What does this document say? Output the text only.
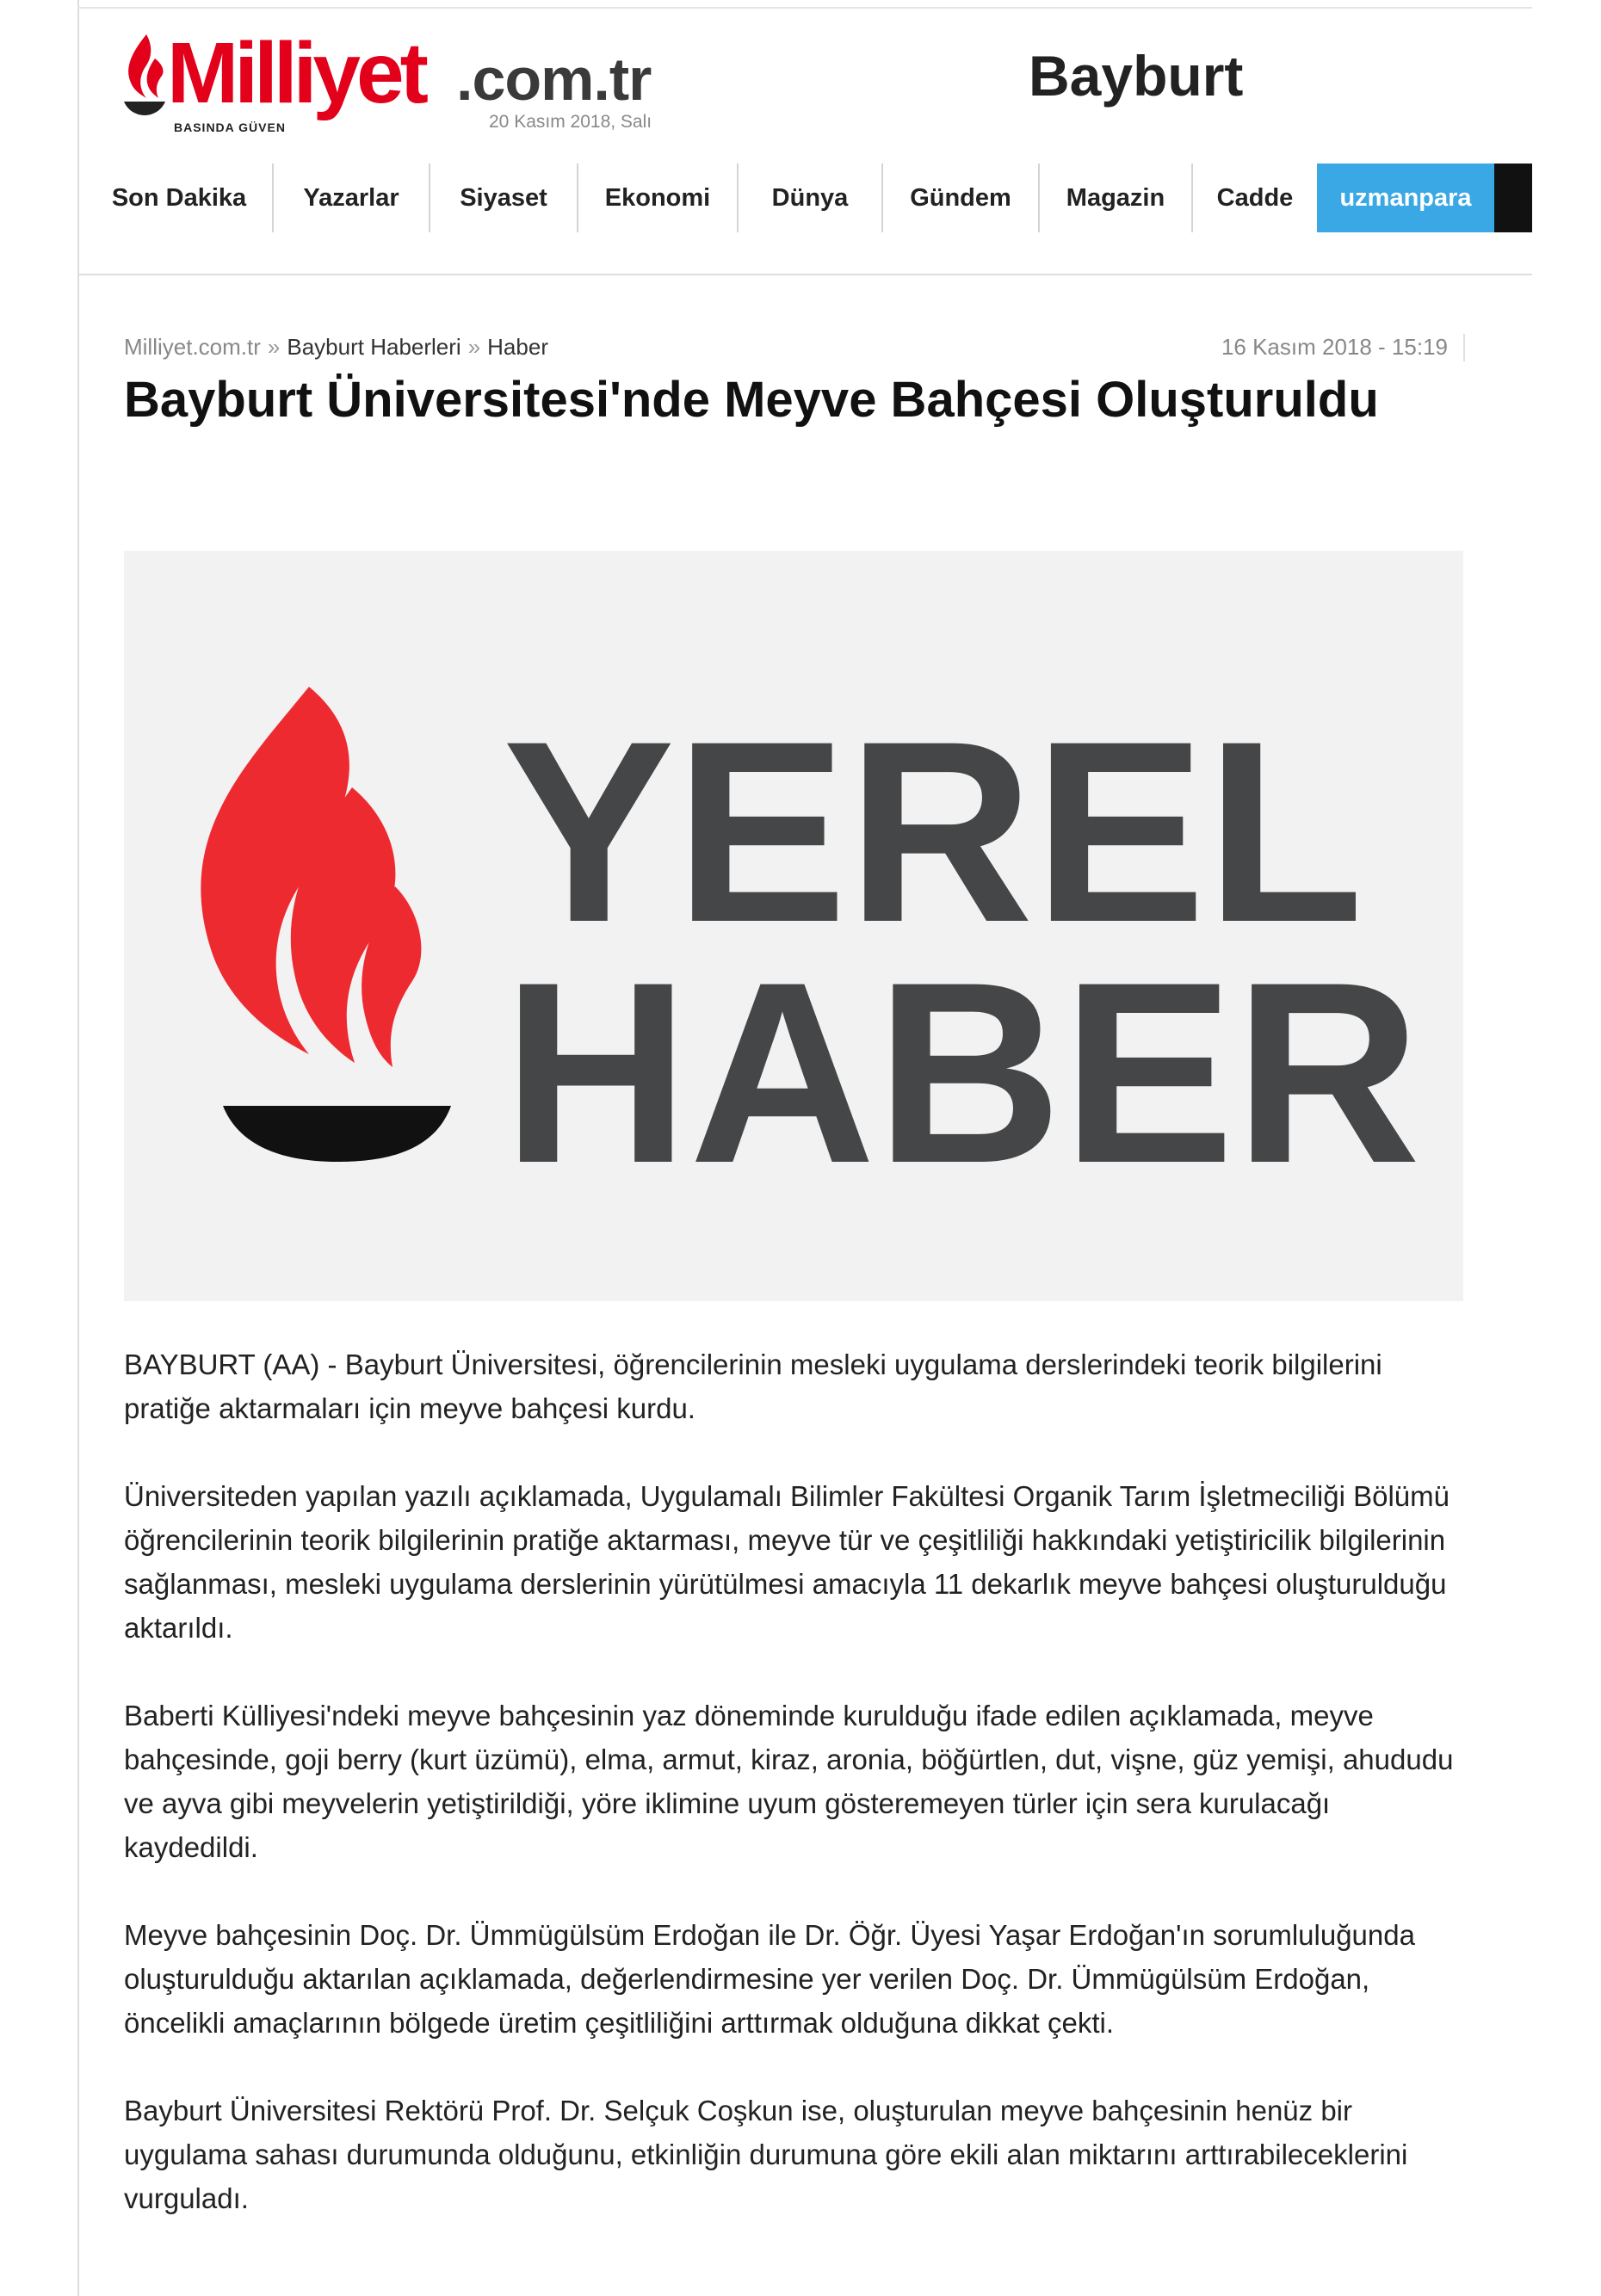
Milliyet .com.tr
BASINDA GÜVEN	20 Kasım 2018, Salı
Bayburt
Son Dakika	Yazarlar	Siyaset	Ekonomi	Dünya	Gündem	Magazin	Cadde	uzmanpara
Milliyet.com.tr » Bayburt Haberleri » Haber	16 Kasım 2018 - 15:19
Bayburt Üniversitesi'nde Meyve Bahçesi Oluşturuldu
YEREL
HABER

BAYBURT (AA) - Bayburt Üniversitesi, öğrencilerinin mesleki uygulama derslerindeki teorik bilgilerini pratiğe aktarmaları için meyve bahçesi kurdu.

Üniversiteden yapılan yazılı açıklamada, Uygulamalı Bilimler Fakültesi Organik Tarım İşletmeciliği Bölümü öğrencilerinin teorik bilgilerinin pratiğe aktarması, meyve tür ve çeşitliliği hakkındaki yetiştiricilik bilgilerinin sağlanması, mesleki uygulama derslerinin yürütülmesi amacıyla 11 dekarlık meyve bahçesi oluşturulduğu aktarıldı.

Baberti Külliyesi'ndeki meyve bahçesinin yaz döneminde kurulduğu ifade edilen açıklamada, meyve bahçesinde, goji berry (kurt üzümü), elma, armut, kiraz, aronia, böğürtlen, dut, vişne, güz yemişi, ahududu ve ayva gibi meyvelerin yetiştirildiği, yöre iklimine uyum gösteremeyen türler için sera kurulacağı kaydedildi.

Meyve bahçesinin Doç. Dr. Ümmügülsüm Erdoğan ile Dr. Öğr. Üyesi Yaşar Erdoğan'ın sorumluluğunda oluşturulduğu aktarılan açıklamada, değerlendirmesine yer verilen Doç. Dr. Ümmügülsüm Erdoğan, öncelikli amaçlarının bölgede üretim çeşitliliğini arttırmak olduğuna dikkat çekti.

Bayburt Üniversitesi Rektörü Prof. Dr. Selçuk Coşkun ise, oluşturulan meyve bahçesinin henüz bir uygulama sahası durumunda olduğunu, etkinliğin durumuna göre ekili alan miktarını arttırabileceklerini vurguladı.
